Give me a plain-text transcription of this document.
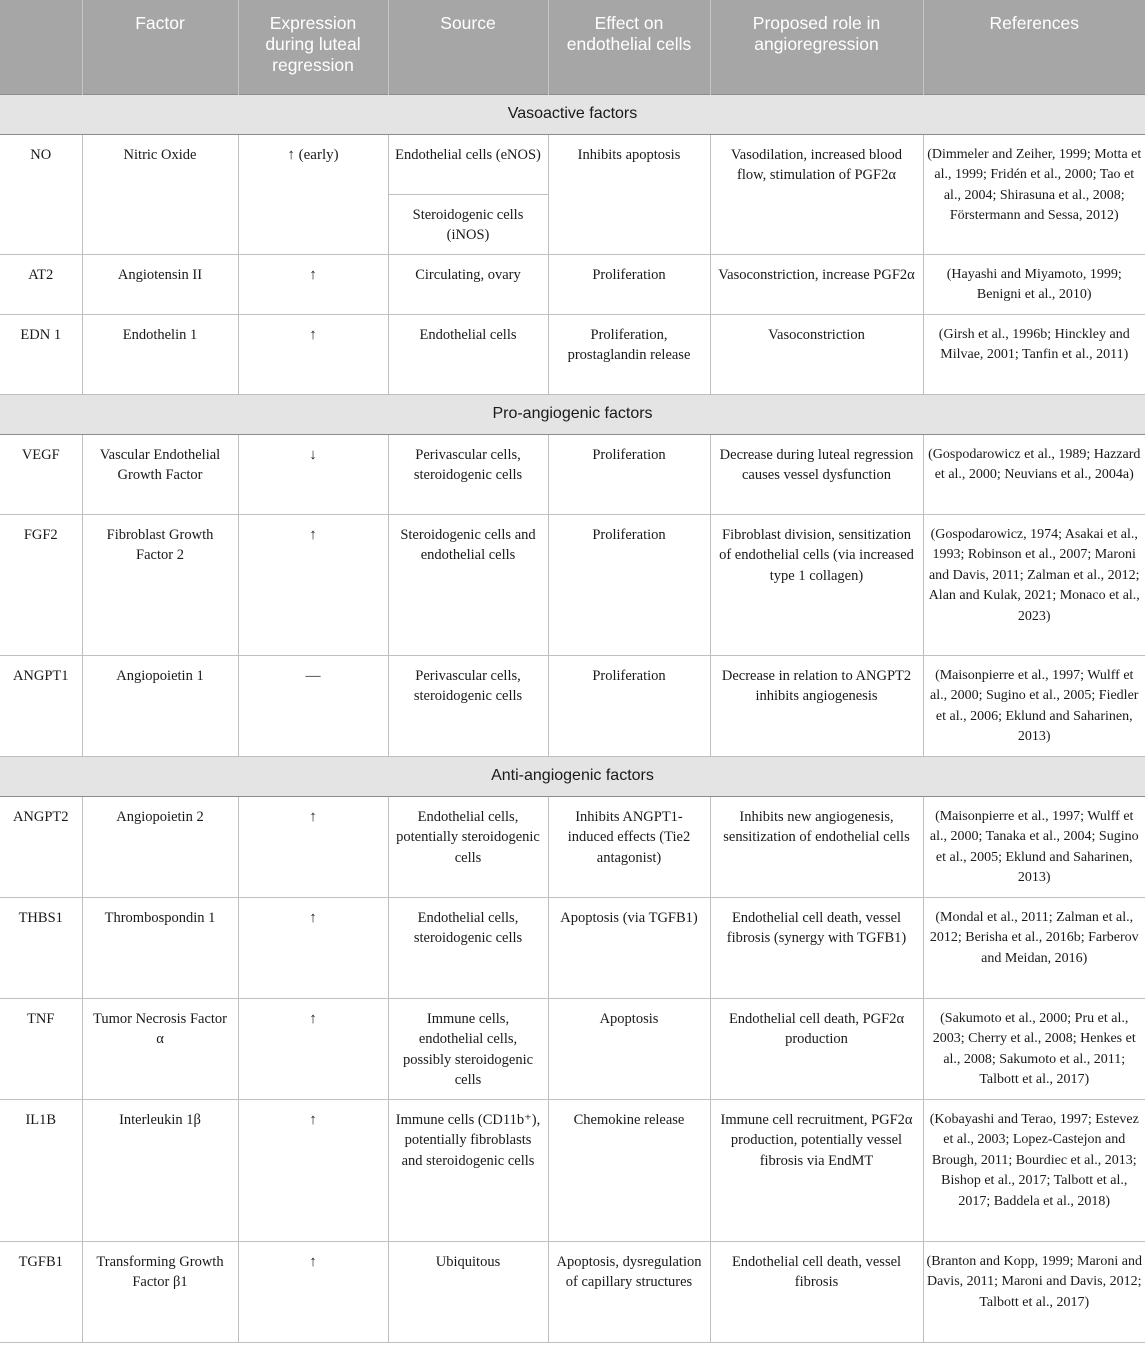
	Factor	Expression during luteal regression	Source	Effect on endothelial cells	Proposed role in angioregression	References
Vasoactive factors						
NO	Nitric Oxide	↑ (early)	Endothelial cells (eNOS)	Inhibits apoptosis	Vasodilation, increased blood flow, stimulation of PGF2α	(Dimmeler and Zeiher, 1999; Motta et al., 1999; Fridén et al., 2000; Tao et al., 2004; Shirasuna et al., 2008; Förstermann and Sessa, 2012)
			Steroidogenic cells (iNOS)			
AT2	Angiotensin II	↑	Circulating, ovary	Proliferation	Vasoconstriction, increase PGF2α	(Hayashi and Miyamoto, 1999; Benigni et al., 2010)
EDN 1	Endothelin 1	↑	Endothelial cells	Proliferation, prostaglandin release	Vasoconstriction	(Girsh et al., 1996b; Hinckley and Milvae, 2001; Tanfin et al., 2011)
Pro-angiogenic factors						
VEGF	Vascular Endothelial Growth Factor	↓	Perivascular cells, steroidogenic cells	Proliferation	Decrease during luteal regression causes vessel dysfunction	(Gospodarowicz et al., 1989; Hazzard et al., 2000; Neuvians et al., 2004a)
FGF2	Fibroblast Growth Factor 2	↑	Steroidogenic cells and endothelial cells	Proliferation	Fibroblast division, sensitization of endothelial cells (via increased type 1 collagen)	(Gospodarowicz, 1974; Asakai et al., 1993; Robinson et al., 2007; Maroni and Davis, 2011; Zalman et al., 2012; Alan and Kulak, 2021; Monaco et al., 2023)
ANGPT1	Angiopoietin 1	—	Perivascular cells, steroidogenic cells	Proliferation	Decrease in relation to ANGPT2 inhibits angiogenesis	(Maisonpierre et al., 1997; Wulff et al., 2000; Sugino et al., 2005; Fiedler et al., 2006; Eklund and Saharinen, 2013)
Anti-angiogenic factors						
ANGPT2	Angiopoietin 2	↑	Endothelial cells, potentially steroidogenic cells	Inhibits ANGPT1-induced effects (Tie2 antagonist)	Inhibits new angiogenesis, sensitization of endothelial cells	(Maisonpierre et al., 1997; Wulff et al., 2000; Tanaka et al., 2004; Sugino et al., 2005; Eklund and Saharinen, 2013)
THBS1	Thrombospondin 1	↑	Endothelial cells, steroidogenic cells	Apoptosis (via TGFB1)	Endothelial cell death, vessel fibrosis (synergy with TGFB1)	(Mondal et al., 2011; Zalman et al., 2012; Berisha et al., 2016b; Farberov and Meidan, 2016)
TNF	Tumor Necrosis Factor α	↑	Immune cells, endothelial cells, possibly steroidogenic cells	Apoptosis	Endothelial cell death, PGF2α production	(Sakumoto et al., 2000; Pru et al., 2003; Cherry et al., 2008; Henkes et al., 2008; Sakumoto et al., 2011; Talbott et al., 2017)
IL1B	Interleukin 1β	↑	Immune cells (CD11b⁺), potentially fibroblasts and steroidogenic cells	Chemokine release	Immune cell recruitment, PGF2α production, potentially vessel fibrosis via EndMT	(Kobayashi and Terao, 1997; Estevez et al., 2003; Lopez-Castejon and Brough, 2011; Bourdiec et al., 2013; Bishop et al., 2017; Talbott et al., 2017; Baddela et al., 2018)
TGFB1	Transforming Growth Factor β1	↑	Ubiquitous	Apoptosis, dysregulation of capillary structures	Endothelial cell death, vessel fibrosis	(Branton and Kopp, 1999; Maroni and Davis, 2011; Maroni and Davis, 2012; Talbott et al., 2017)
